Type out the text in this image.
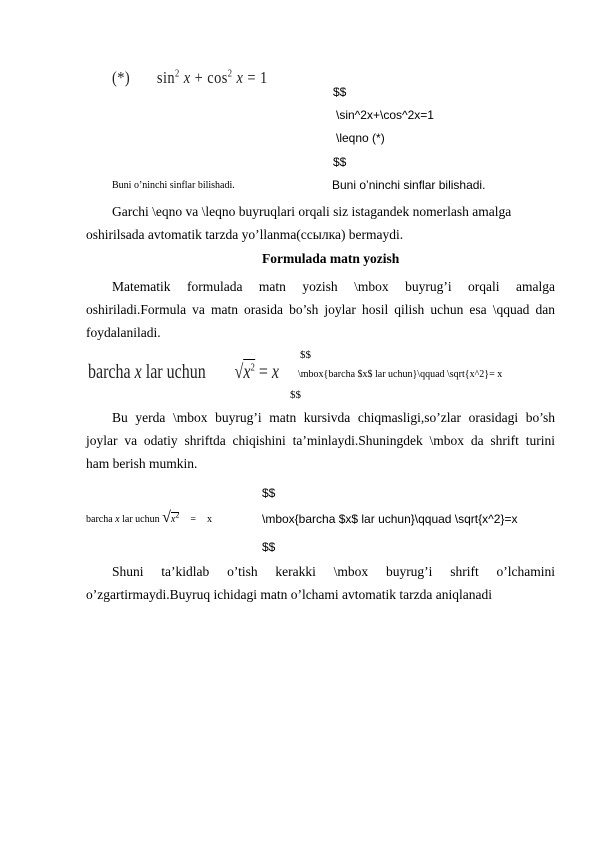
(*) $\sin^2 x + \cos^2 x = 1$
$$
\sin^2x+\cos^2x=1
\leqno (*)
$$
Buni o’ninchi sinflar bilishadi.	Buni o’ninchi sinflar bilishadi.
Garchi \eqno va \leqno buyruqlari orqali siz istagandek nomerlash amalga
oshirilsada avtomatik tarzda yo’llanma(ссылка) bermaydi.
Formulada matn yozish
Matematik formulada matn yozish \mbox buyrug’i orqali amalga
oshiriladi.Formula va matn orasida bo’sh joylar hosil qilish uchun esa \qquad dan
foydalaniladi.
barcha x lar uchun $√x^2 = x$
$$
\mbox{barcha $x$ lar uchun}\qquad \sqrt{x^2}= x
$$
Bu yerda \mbox buyrug’i matn kursivda chiqmasligi,so’zlar orasidagi bo’sh
joylar va odatiy shriftda chiqishini ta’minlaydi.Shuningdek \mbox da shrift turini
ham berish mumkin.
barcha x lar uchun $√x^2 = x$
$$
\mbox{barcha $x$ lar uchun}\qquad \sqrt{x^2}=x
$$
Shuni ta’kidlab o’tish kerakki \mbox buyrug’i shrift o’lchamini
o’zgartirmaydi.Buyruq ichidagi matn o’lchami avtomatik tarzda aniqlanadi
